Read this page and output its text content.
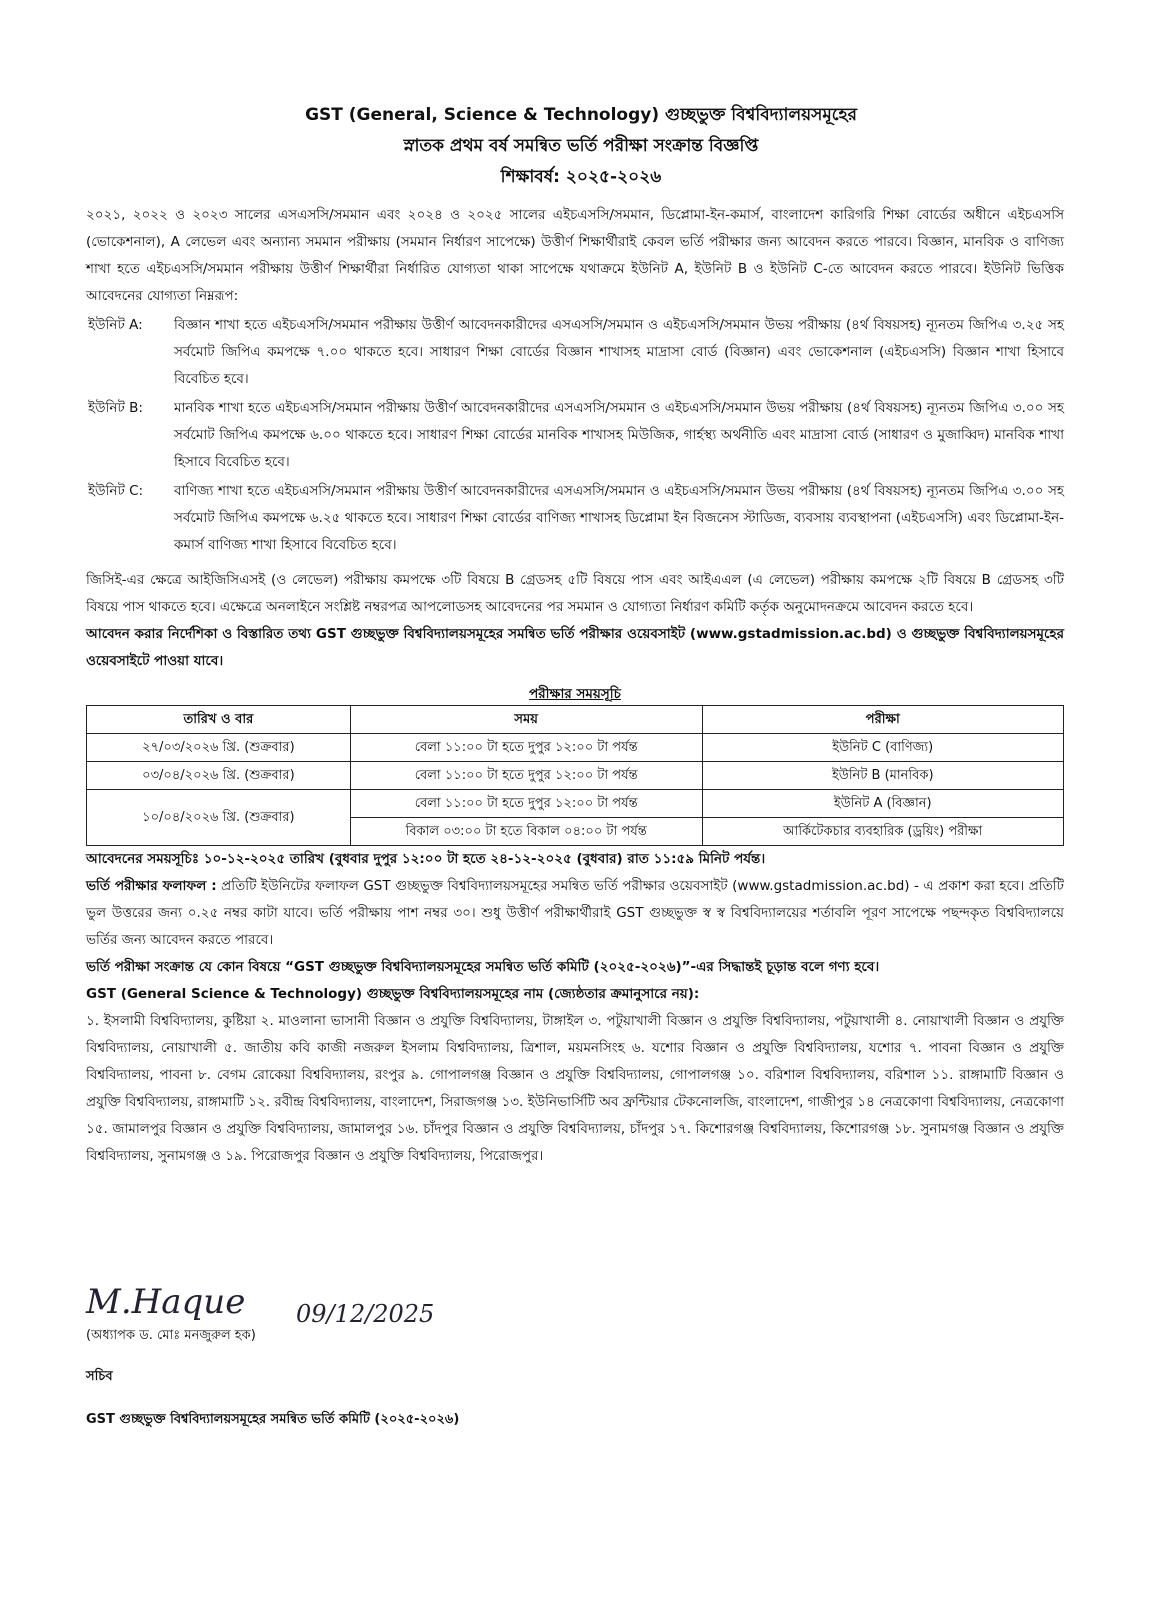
GST (General, Science & Technology) গুচ্ছভুক্ত বিশ্ববিদ্যালয়সমূহের
স্নাতক প্রথম বর্ষ সমন্বিত ভর্তি পরীক্ষা সংক্রান্ত বিজ্ঞপ্তি
শিক্ষাবর্ষ: ২০২৫-২০২৬

২০২১, ২০২২ ও ২০২৩ সালের এসএসসি/সমমান এবং ২০২৪ ও ২০২৫ সালের এইচএসসি/সমমান, ডিপ্লোমা-ইন-কমার্স, বাংলাদেশ কারিগরি শিক্ষা বোর্ডের অধীনে এইচএসসি (ভোকেশনাল), A লেভেল এবং অন্যান্য সমমান পরীক্ষায় (সমমান নির্ধারণ সাপেক্ষে) উত্তীর্ণ শিক্ষার্থীরাই কেবল ভর্তি পরীক্ষার জন্য আবেদন করতে পারবে। বিজ্ঞান, মানবিক ও বাণিজ্য শাখা হতে এইচএসসি/সমমান পরীক্ষায় উত্তীর্ণ শিক্ষার্থীরা নির্ধারিত যোগ্যতা থাকা সাপেক্ষে যথাক্রমে ইউনিট A, ইউনিট B ও ইউনিট C-তে আবেদন করতে পারবে। ইউনিট ভিত্তিক আবেদনের যোগ্যতা নিম্নরূপ:

ইউনিট A:	বিজ্ঞান শাখা হতে এইচএসসি/সমমান পরীক্ষায় উত্তীর্ণ আবেদনকারীদের এসএসসি/সমমান ও এইচএসসি/সমমান উভয় পরীক্ষায় (৪র্থ বিষয়সহ) ন্যূনতম জিপিএ ৩.২৫ সহ সর্বমোট জিপিএ কমপক্ষে ৭.০০ থাকতে হবে। সাধারণ শিক্ষা বোর্ডের বিজ্ঞান শাখাসহ মাদ্রাসা বোর্ড (বিজ্ঞান) এবং ভোকেশনাল (এইচএসসি) বিজ্ঞান শাখা হিসাবে বিবেচিত হবে।
ইউনিট B:	মানবিক শাখা হতে এইচএসসি/সমমান পরীক্ষায় উত্তীর্ণ আবেদনকারীদের এসএসসি/সমমান ও এইচএসসি/সমমান উভয় পরীক্ষায় (৪র্থ বিষয়সহ) ন্যূনতম জিপিএ ৩.০০ সহ সর্বমোট জিপিএ কমপক্ষে ৬.০০ থাকতে হবে। সাধারণ শিক্ষা বোর্ডের মানবিক শাখাসহ মিউজিক, গার্হস্থ্য অর্থনীতি এবং মাদ্রাসা বোর্ড (সাধারণ ও মুজাব্বিদ) মানবিক শাখা হিসাবে বিবেচিত হবে।
ইউনিট C:	বাণিজ্য শাখা হতে এইচএসসি/সমমান পরীক্ষায় উত্তীর্ণ আবেদনকারীদের এসএসসি/সমমান ও এইচএসসি/সমমান উভয় পরীক্ষায় (৪র্থ বিষয়সহ) ন্যূনতম জিপিএ ৩.০০ সহ সর্বমোট জিপিএ কমপক্ষে ৬.২৫ থাকতে হবে। সাধারণ শিক্ষা বোর্ডের বাণিজ্য শাখাসহ ডিপ্লোমা ইন বিজনেস স্টাডিজ, ব্যবসায় ব্যবস্থাপনা (এইচএসসি) এবং ডিপ্লোমা-ইন-কমার্স বাণিজ্য শাখা হিসাবে বিবেচিত হবে।

জিসিই-এর ক্ষেত্রে আইজিসিএসই (ও লেভেল) পরীক্ষায় কমপক্ষে ৩টি বিষয়ে B গ্রেডসহ ৫টি বিষয়ে পাস এবং আইএএল (এ লেভেল) পরীক্ষায় কমপক্ষে ২টি বিষয়ে B গ্রেডসহ ৩টি বিষয়ে পাস থাকতে হবে। এক্ষেত্রে অনলাইনে সংশ্লিষ্ট নম্বরপত্র আপলোডসহ আবেদনের পর সমমান ও যোগ্যতা নির্ধারণ কমিটি কর্তৃক অনুমোদনক্রমে আবেদন করতে হবে।

আবেদন করার নির্দেশিকা ও বিস্তারিত তথ্য GST গুচ্ছভুক্ত বিশ্ববিদ্যালয়সমূহের সমন্বিত ভর্তি পরীক্ষার ওয়েবসাইট (www.gstadmission.ac.bd) ও গুচ্ছভুক্ত বিশ্ববিদ্যালয়সমূহের ওয়েবসাইটে পাওয়া যাবে।

পরীক্ষার সময়সূচি
তারিখ ও বার	সময়	পরীক্ষা
২৭/০৩/২০২৬ খ্রি. (শুক্রবার)	বেলা ১১:০০ টা হতে দুপুর ১২:০০ টা পর্যন্ত	ইউনিট C (বাণিজ্য)
০৩/০৪/২০২৬ খ্রি. (শুক্রবার)	বেলা ১১:০০ টা হতে দুপুর ১২:০০ টা পর্যন্ত	ইউনিট B (মানবিক)
১০/০৪/২০২৬ খ্রি. (শুক্রবার)	বেলা ১১:০০ টা হতে দুপুর ১২:০০ টা পর্যন্ত	ইউনিট A (বিজ্ঞান)
	বিকাল ০৩:০০ টা হতে বিকাল ০৪:০০ টা পর্যন্ত	আর্কিটেকচার ব্যবহারিক (ড্রয়িং) পরীক্ষা

আবেদনের সময়সূচিঃ ১০-১২-২০২৫ তারিখ (বুধবার দুপুর ১২:০০ টা হতে ২৪-১২-২০২৫ (বুধবার) রাত ১১:৫৯ মিনিট পর্যন্ত।

ভর্তি পরীক্ষার ফলাফল : প্রতিটি ইউনিটের ফলাফল GST গুচ্ছভুক্ত বিশ্ববিদ্যালয়সমূহের সমন্বিত ভর্তি পরীক্ষার ওয়েবসাইট (www.gstadmission.ac.bd) - এ প্রকাশ করা হবে। প্রতিটি ভুল উত্তরের জন্য ০.২৫ নম্বর কাটা যাবে। ভর্তি পরীক্ষায় পাশ নম্বর ৩০। শুধু উত্তীর্ণ পরীক্ষার্থীরাই GST গুচ্ছভুক্ত স্ব স্ব বিশ্ববিদ্যালয়ের শর্তাবলি পূরণ সাপেক্ষে পছন্দকৃত বিশ্ববিদ্যালয়ে ভর্তির জন্য আবেদন করতে পারবে।

ভর্তি পরীক্ষা সংক্রান্ত যে কোন বিষয়ে “GST গুচ্ছভুক্ত বিশ্ববিদ্যালয়সমূহের সমন্বিত ভর্তি কমিটি (২০২৫-২০২৬)”-এর সিদ্ধান্তই চূড়ান্ত বলে গণ্য হবে।

GST (General Science & Technology) গুচ্ছভুক্ত বিশ্ববিদ্যালয়সমূহের নাম (জ্যেষ্ঠতার ক্রমানুসারে নয়):

১. ইসলামী বিশ্ববিদ্যালয়, কুষ্টিয়া ২. মাওলানা ভাসানী বিজ্ঞান ও প্রযুক্তি বিশ্ববিদ্যালয়, টাঙ্গাইল ৩. পটুয়াখালী বিজ্ঞান ও প্রযুক্তি বিশ্ববিদ্যালয়, পটুয়াখালী ৪. নোয়াখালী বিজ্ঞান ও প্রযুক্তি বিশ্ববিদ্যালয়, নোয়াখালী ৫. জাতীয় কবি কাজী নজরুল ইসলাম বিশ্ববিদ্যালয়, ত্রিশাল, ময়মনসিংহ ৬. যশোর বিজ্ঞান ও প্রযুক্তি বিশ্ববিদ্যালয়, যশোর ৭. পাবনা বিজ্ঞান ও প্রযুক্তি বিশ্ববিদ্যালয়, পাবনা ৮. বেগম রোকেয়া বিশ্ববিদ্যালয়, রংপুর ৯. গোপালগঞ্জ বিজ্ঞান ও প্রযুক্তি বিশ্ববিদ্যালয়, গোপালগঞ্জ ১০. বরিশাল বিশ্ববিদ্যালয়, বরিশাল ১১. রাঙ্গামাটি বিজ্ঞান ও প্রযুক্তি বিশ্ববিদ্যালয়, রাঙ্গামাটি ১২. রবীন্দ্র বিশ্ববিদ্যালয়, বাংলাদেশ, সিরাজগঞ্জ ১৩. ইউনিভার্সিটি অব ফ্রন্টিয়ার টেকনোলজি, বাংলাদেশ, গাজীপুর ১৪ নেত্রকোণা বিশ্ববিদ্যালয়, নেত্রকোণা ১৫. জামালপুর বিজ্ঞান ও প্রযুক্তি বিশ্ববিদ্যালয়, জামালপুর ১৬. চাঁদপুর বিজ্ঞান ও প্রযুক্তি বিশ্ববিদ্যালয়, চাঁদপুর ১৭. কিশোরগঞ্জ বিশ্ববিদ্যালয়, কিশোরগঞ্জ ১৮. সুনামগঞ্জ বিজ্ঞান ও প্রযুক্তি বিশ্ববিদ্যালয়, সুনামগঞ্জ ও ১৯. পিরোজপুর বিজ্ঞান ও প্রযুক্তি বিশ্ববিদ্যালয়, পিরোজপুর।

M.Haque	09/12/2025
(অধ্যাপক ড. মোঃ মনজুরুল হক)
সচিব
GST গুচ্ছভুক্ত বিশ্ববিদ্যালয়সমূহের সমন্বিত ভর্তি কমিটি (২০২৫-২০২৬)
